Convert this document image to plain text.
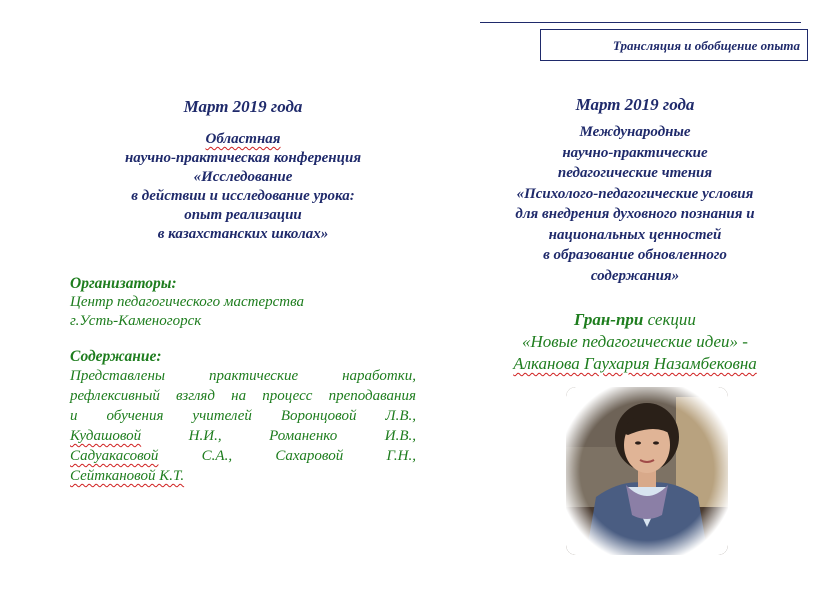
Трансляция и обобщение опыта

Март 2019 года

Областная
научно-практическая конференция
«Исследование
в действии и исследование урока:
опыт реализации
в казахстанских школах»
Организаторы:
Центр педагогического мастерства
г.Усть-Каменогорск
Содержание:
Представлены	практические	наработки,
рефлексивный взгляд на процесс преподавания
и обучения учителей Воронцовой Л.В.,
Кудашовой	Н.И.,	Романенко	И.В.,
Садуакасовой	С.А.,	Сахаровой	Г.Н.,
Сейткановой К.Т.

Март 2019 года

Международные
научно-практические
педагогические чтения
«Психолого-педагогические условия
для внедрения духовного познания и
национальных ценностей
в образование обновленного
содержания»
Гран-при секции
«Новые педагогические идеи» -
Алканова Гаухария Назамбековна
